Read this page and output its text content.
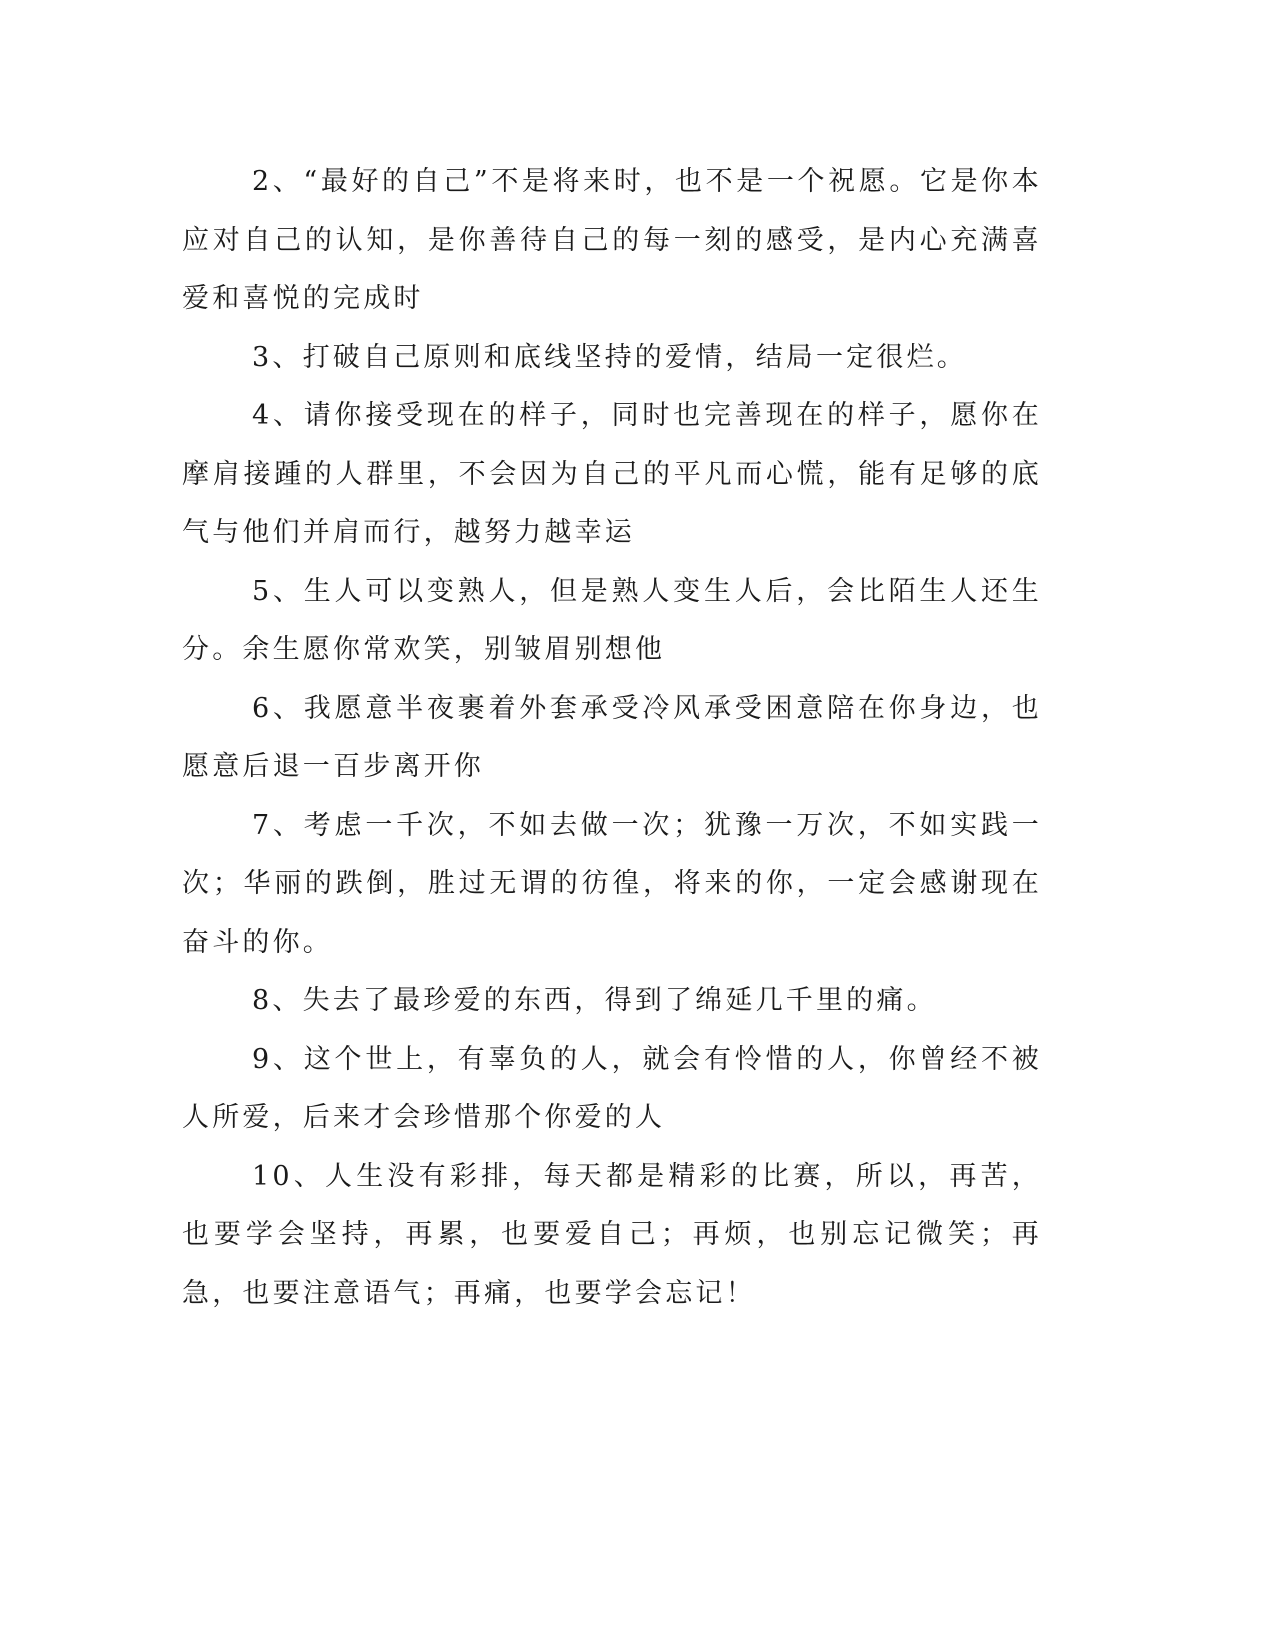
2、“最好的自己”不是将来时，也不是一个祝愿。它是你本应对自己的认知，是你善待自己的每一刻的感受，是内心充满喜爱和喜悦的完成时

3、打破自己原则和底线坚持的爱情，结局一定很烂。

4、请你接受现在的样子，同时也完善现在的样子，愿你在摩肩接踵的人群里，不会因为自己的平凡而心慌，能有足够的底气与他们并肩而行，越努力越幸运

5、生人可以变熟人，但是熟人变生人后，会比陌生人还生分。余生愿你常欢笑，别皱眉别想他

6、我愿意半夜裹着外套承受冷风承受困意陪在你身边，也愿意后退一百步离开你

7、考虑一千次，不如去做一次；犹豫一万次，不如实践一次；华丽的跌倒，胜过无谓的彷徨，将来的你，一定会感谢现在奋斗的你。

8、失去了最珍爱的东西，得到了绵延几千里的痛。

9、这个世上，有辜负的人，就会有怜惜的人，你曾经不被人所爱，后来才会珍惜那个你爱的人

10、人生没有彩排，每天都是精彩的比赛，所以，再苦，也要学会坚持，再累，也要爱自己；再烦，也别忘记微笑；再急，也要注意语气；再痛，也要学会忘记！
